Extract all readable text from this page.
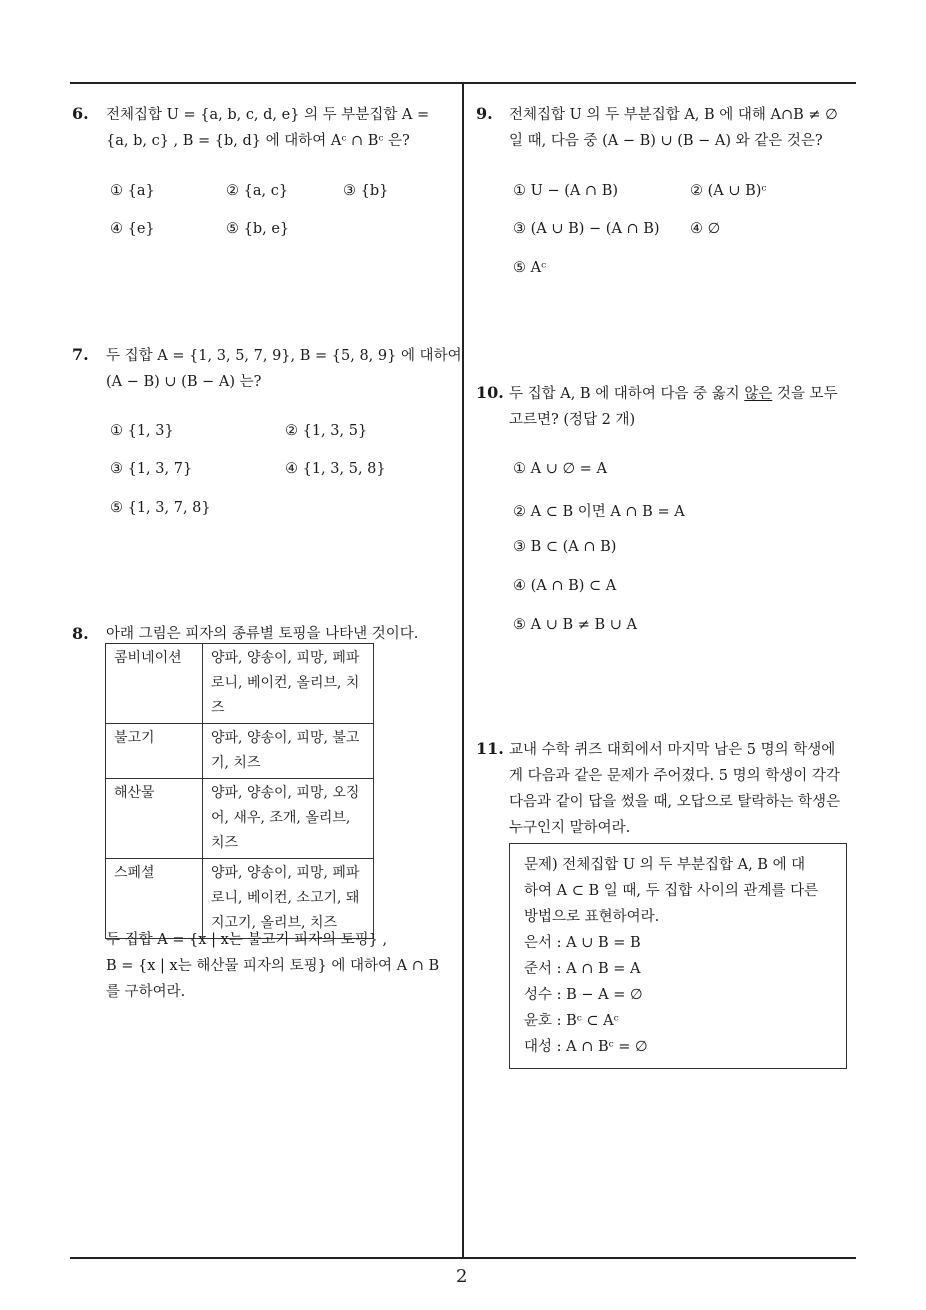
6. 전체집합 U = {a, b, c, d, e} 의 두 부분집합 A =
{a, b, c} , B = {b, d} 에 대하여 Aᶜ ∩ Bᶜ 은?
① {a}	② {a, c}	③ {b}
④ {e}	⑤ {b, e}
7. 두 집합 A = {1, 3, 5, 7, 9}, B = {5, 8, 9} 에 대하여
(A − B) ∪ (B − A) 는?
① {1, 3}	② {1, 3, 5}
③ {1, 3, 7}	④ {1, 3, 5, 8}
⑤ {1, 3, 7, 8}
8. 아래 그림은 피자의 종류별 토핑을 나타낸 것이다.
콤비네이션	양파, 양송이, 피망, 페파로니, 베이컨, 올리브, 치즈
불고기	양파, 양송이, 피망, 불고기, 치즈
해산물	양파, 양송이, 피망, 오징어, 새우, 조개, 올리브, 치즈
스페셜	양파, 양송이, 피망, 페파로니, 베이컨, 소고기, 돼지고기, 올리브, 치즈
두 집합 A = {x | x는 불고기 피자의 토핑} ,
B = {x | x는 해산물 피자의 토핑} 에 대하여 A ∩ B
를 구하여라.
9. 전체집합 U 의 두 부분집합 A, B 에 대해 A∩B ≠ ∅
일 때, 다음 중 (A − B) ∪ (B − A) 와 같은 것은?
① U − (A ∩ B)	② (A ∪ B)ᶜ
③ (A ∪ B) − (A ∩ B) ④ ∅
⑤ Aᶜ
10. 두 집합 A, B 에 대하여 다음 중 옳지 않은 것을 모두
고르면? (정답 2 개)
① A ∪ ∅ = A
② A ⊂ B 이면 A ∩ B = A
③ B ⊂ (A ∩ B)
④ (A ∩ B) ⊂ A
⑤ A ∪ B ≠ B ∪ A
11. 교내 수학 퀴즈 대회에서 마지막 남은 5 명의 학생에
게 다음과 같은 문제가 주어졌다. 5 명의 학생이 각각
다음과 같이 답을 썼을 때, 오답으로 탈락하는 학생은
누구인지 말하여라.
문제) 전체집합 U 의 두 부분집합 A, B 에 대
하여 A ⊂ B 일 때, 두 집합 사이의 관계를 다른
방법으로 표현하여라.
은서 : A ∪ B = B
준서 : A ∩ B = A
성수 : B − A = ∅
윤호 : Bᶜ ⊂ Aᶜ
대성 : A ∩ Bᶜ = ∅
2
